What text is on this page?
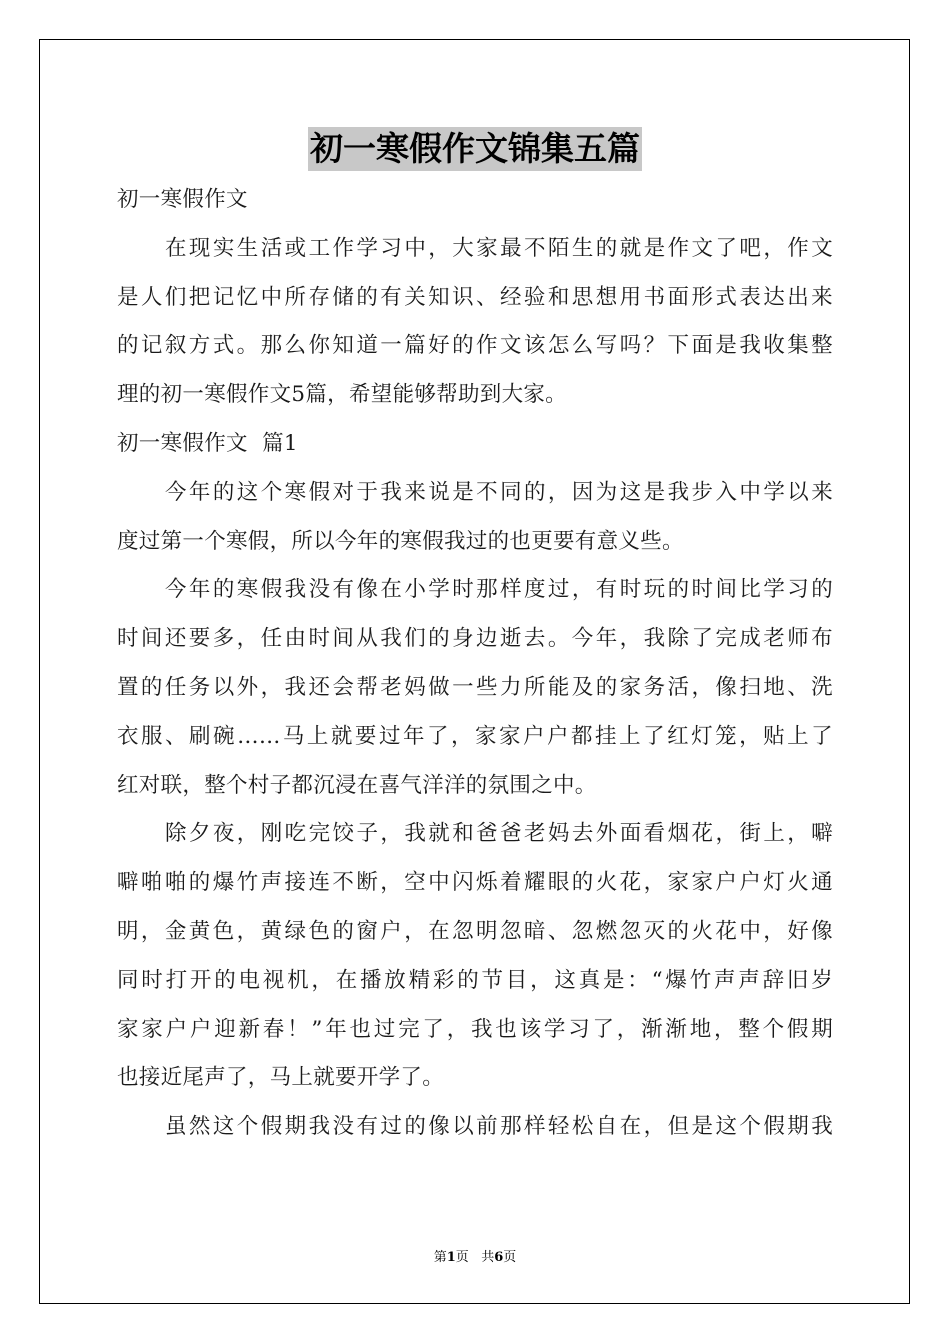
初一寒假作文锦集五篇
初一寒假作文
在现实生活或工作学习中，大家最不陌生的就是作文了吧，作文
是人们把记忆中所存储的有关知识、经验和思想用书面形式表达出来
的记叙方式。那么你知道一篇好的作文该怎么写吗？下面是我收集整
理的初一寒假作文5篇，希望能够帮助到大家。
初一寒假作文  篇1
今年的这个寒假对于我来说是不同的，因为这是我步入中学以来
度过第一个寒假，所以今年的寒假我过的也更要有意义些。
今年的寒假我没有像在小学时那样度过，有时玩的时间比学习的
时间还要多，任由时间从我们的身边逝去。今年，我除了完成老师布
置的任务以外，我还会帮老妈做一些力所能及的家务活，像扫地、洗
衣服、刷碗……马上就要过年了，家家户户都挂上了红灯笼，贴上了
红对联，整个村子都沉浸在喜气洋洋的氛围之中。
除夕夜，刚吃完饺子，我就和爸爸老妈去外面看烟花，街上，噼
噼啪啪的爆竹声接连不断，空中闪烁着耀眼的火花，家家户户灯火通
明，金黄色，黄绿色的窗户，在忽明忽暗、忽燃忽灭的火花中，好像
同时打开的电视机，在播放精彩的节目，这真是：“爆竹声声辞旧岁
家家户户迎新春！”年也过完了，我也该学习了，渐渐地，整个假期
也接近尾声了，马上就要开学了。
虽然这个假期我没有过的像以前那样轻松自在，但是这个假期我
第1页 共6页
